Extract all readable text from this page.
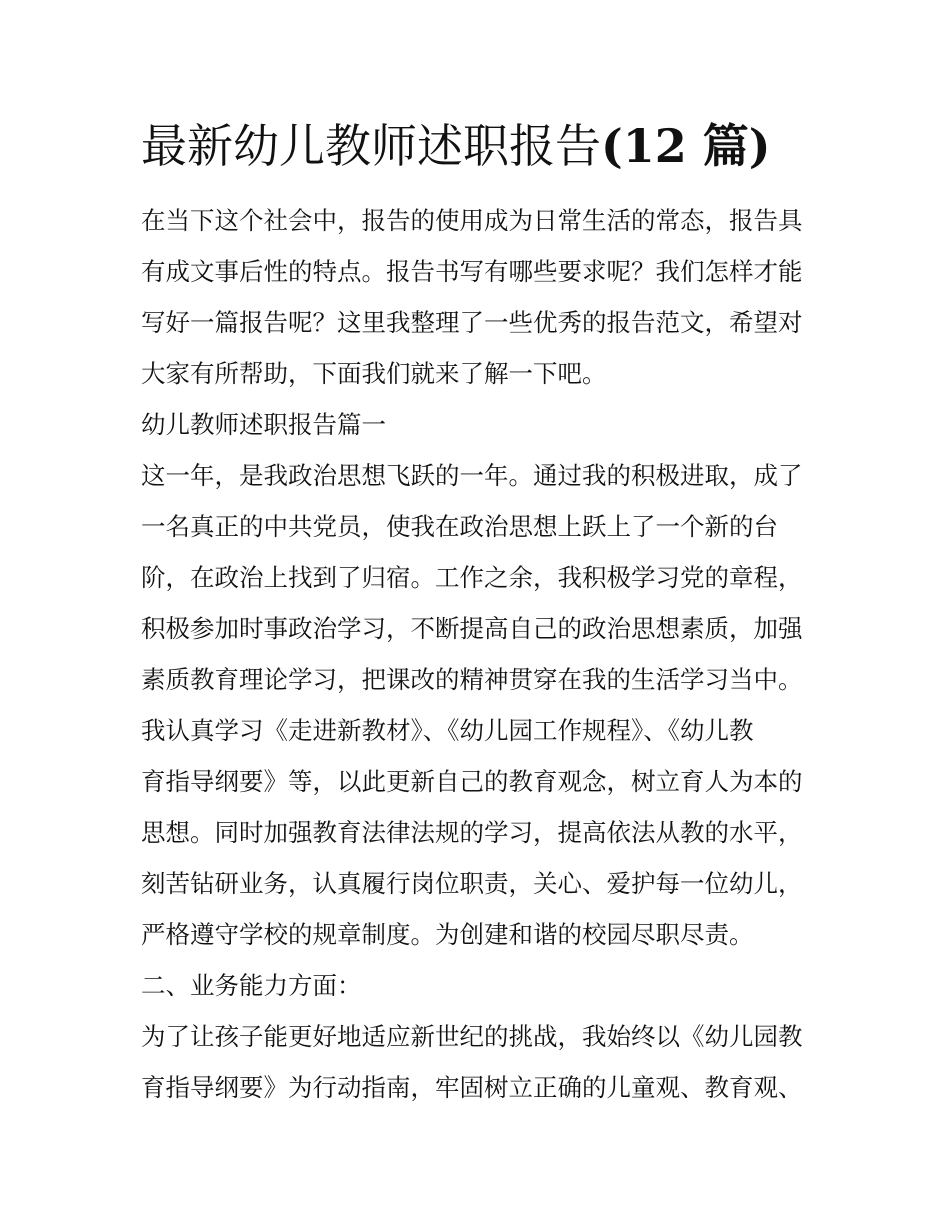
最新幼儿教师述职报告(12 篇)

在当下这个社会中，报告的使用成为日常生活的常态，报告具

有成文事后性的特点。报告书写有哪些要求呢？我们怎样才能

写好一篇报告呢？这里我整理了一些优秀的报告范文，希望对

大家有所帮助，下面我们就来了解一下吧。

幼儿教师述职报告篇一

这一年，是我政治思想飞跃的一年。通过我的积极进取，成了

一名真正的中共党员，使我在政治思想上跃上了一个新的台

阶，在政治上找到了归宿。工作之余，我积极学习党的章程，

积极参加时事政治学习，不断提高自己的政治思想素质，加强

素质教育理论学习，把课改的精神贯穿在我的生活学习当中。

我认真学习《走进新教材》、《幼儿园工作规程》、《幼儿教

育指导纲要》等，以此更新自己的教育观念，树立育人为本的

思想。同时加强教育法律法规的学习，提高依法从教的水平，

刻苦钻研业务，认真履行岗位职责，关心、爱护每一位幼儿，

严格遵守学校的规章制度。为创建和谐的校园尽职尽责。

二、业务能力方面：

为了让孩子能更好地适应新世纪的挑战，我始终以《幼儿园教

育指导纲要》为行动指南，牢固树立正确的儿童观、教育观、
